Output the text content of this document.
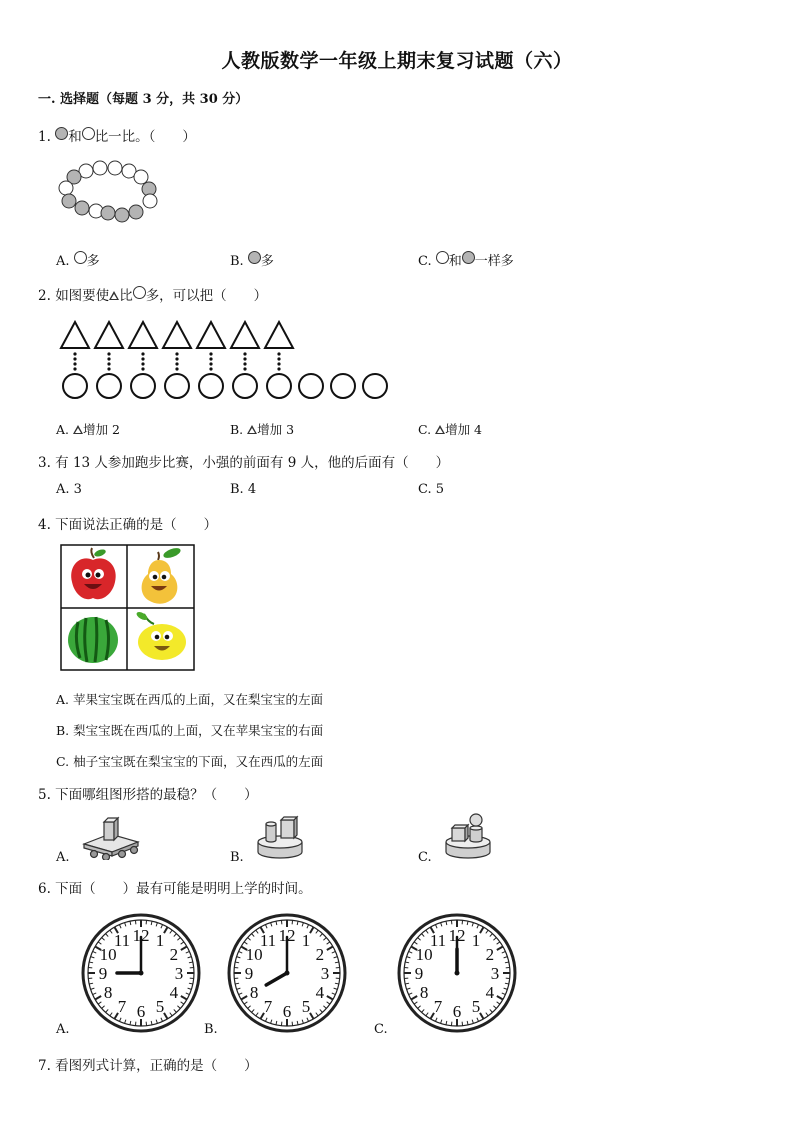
人教版数学一年级上期末复习试题（六）
一. 选择题（每题 3 分，共 30 分）
1. 和 比一比。（　　）
A. 多	B. 多	C. 和 一样多
2. 如图要使 比 多，可以把（　　）
A. 增加 2	B. 增加 3	C. 增加 4
3. 有 13 人参加跑步比赛，小强的前面有 9 人，他的后面有（　　）
A. 3	B. 4	C. 5
4. 下面说法正确的是（　　）
A. 苹果宝宝既在西瓜的上面，又在梨宝宝的左面
B. 梨宝宝既在西瓜的上面，又在苹果宝宝的右面
C. 柚子宝宝既在梨宝宝的下面，又在西瓜的左面
5. 下面哪组图形搭的最稳？（　　）
A.	B.	C.
6. 下面（　　）最有可能是明明上学的时间。
A.
12 1
2
3
4
5
6
7
8
9
10
11
B.
12 1
2
3
4
5
6
7
8
9
10
11
C.
12 1
2
3
4
5
6
7
8
9
10
11
7. 看图列式计算，正确的是（　　）
